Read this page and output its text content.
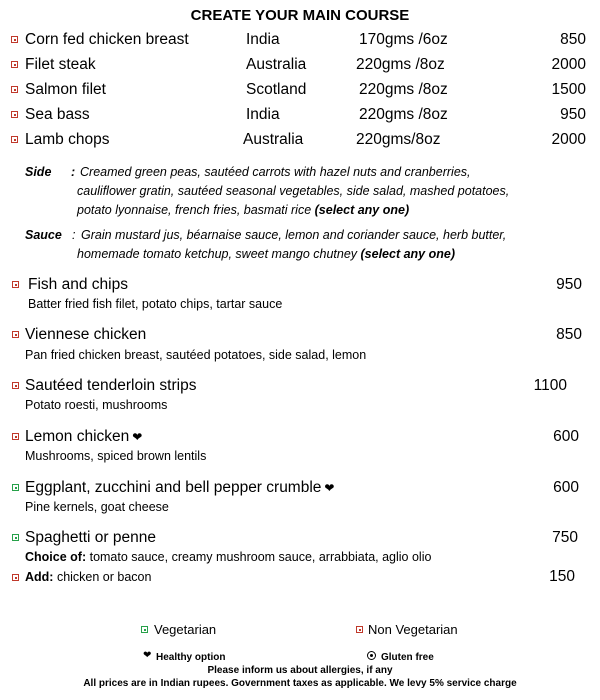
CREATE YOUR MAIN COURSE
Corn fed chicken breast	India	170gms /6oz	850
Filet steak	Australia	220gms /8oz	2000
Salmon filet	Scotland	220gms /8oz	1500
Sea bass	India	220gms /8oz	950
Lamb chops	Australia	220gms/8oz	2000
Side : Creamed green peas, sautéed carrots with hazel nuts and cranberries,
cauliflower gratin, sautéed seasonal vegetables, side salad, mashed potatoes,
potato lyonnaise, french fries, basmati rice (select any one)
Sauce : Grain mustard jus, béarnaise sauce, lemon and coriander sauce, herb butter,
homemade tomato ketchup, sweet mango chutney (select any one)
Fish and chips
Batter fried fish filet, potato chips, tartar sauce
950
Viennese chicken
Pan fried chicken breast, sautéed potatoes, side salad, lemon
850
Sautéed tenderloin strips
Potato roesti, mushrooms
1100
Lemon chicken ❤
Mushrooms, spiced brown lentils
600
Eggplant, zucchini and bell pepper crumble ❤
Pine kernels, goat cheese
600
Spaghetti or penne
Choice of: tomato sauce, creamy mushroom sauce, arrabbiata, aglio olio
750
Add: chicken or bacon	150
Vegetarian	Non Vegetarian
❤ Healthy option	Gluten free
Please inform us about allergies, if any
All prices are in Indian rupees. Government taxes as applicable. We levy 5% service charge
